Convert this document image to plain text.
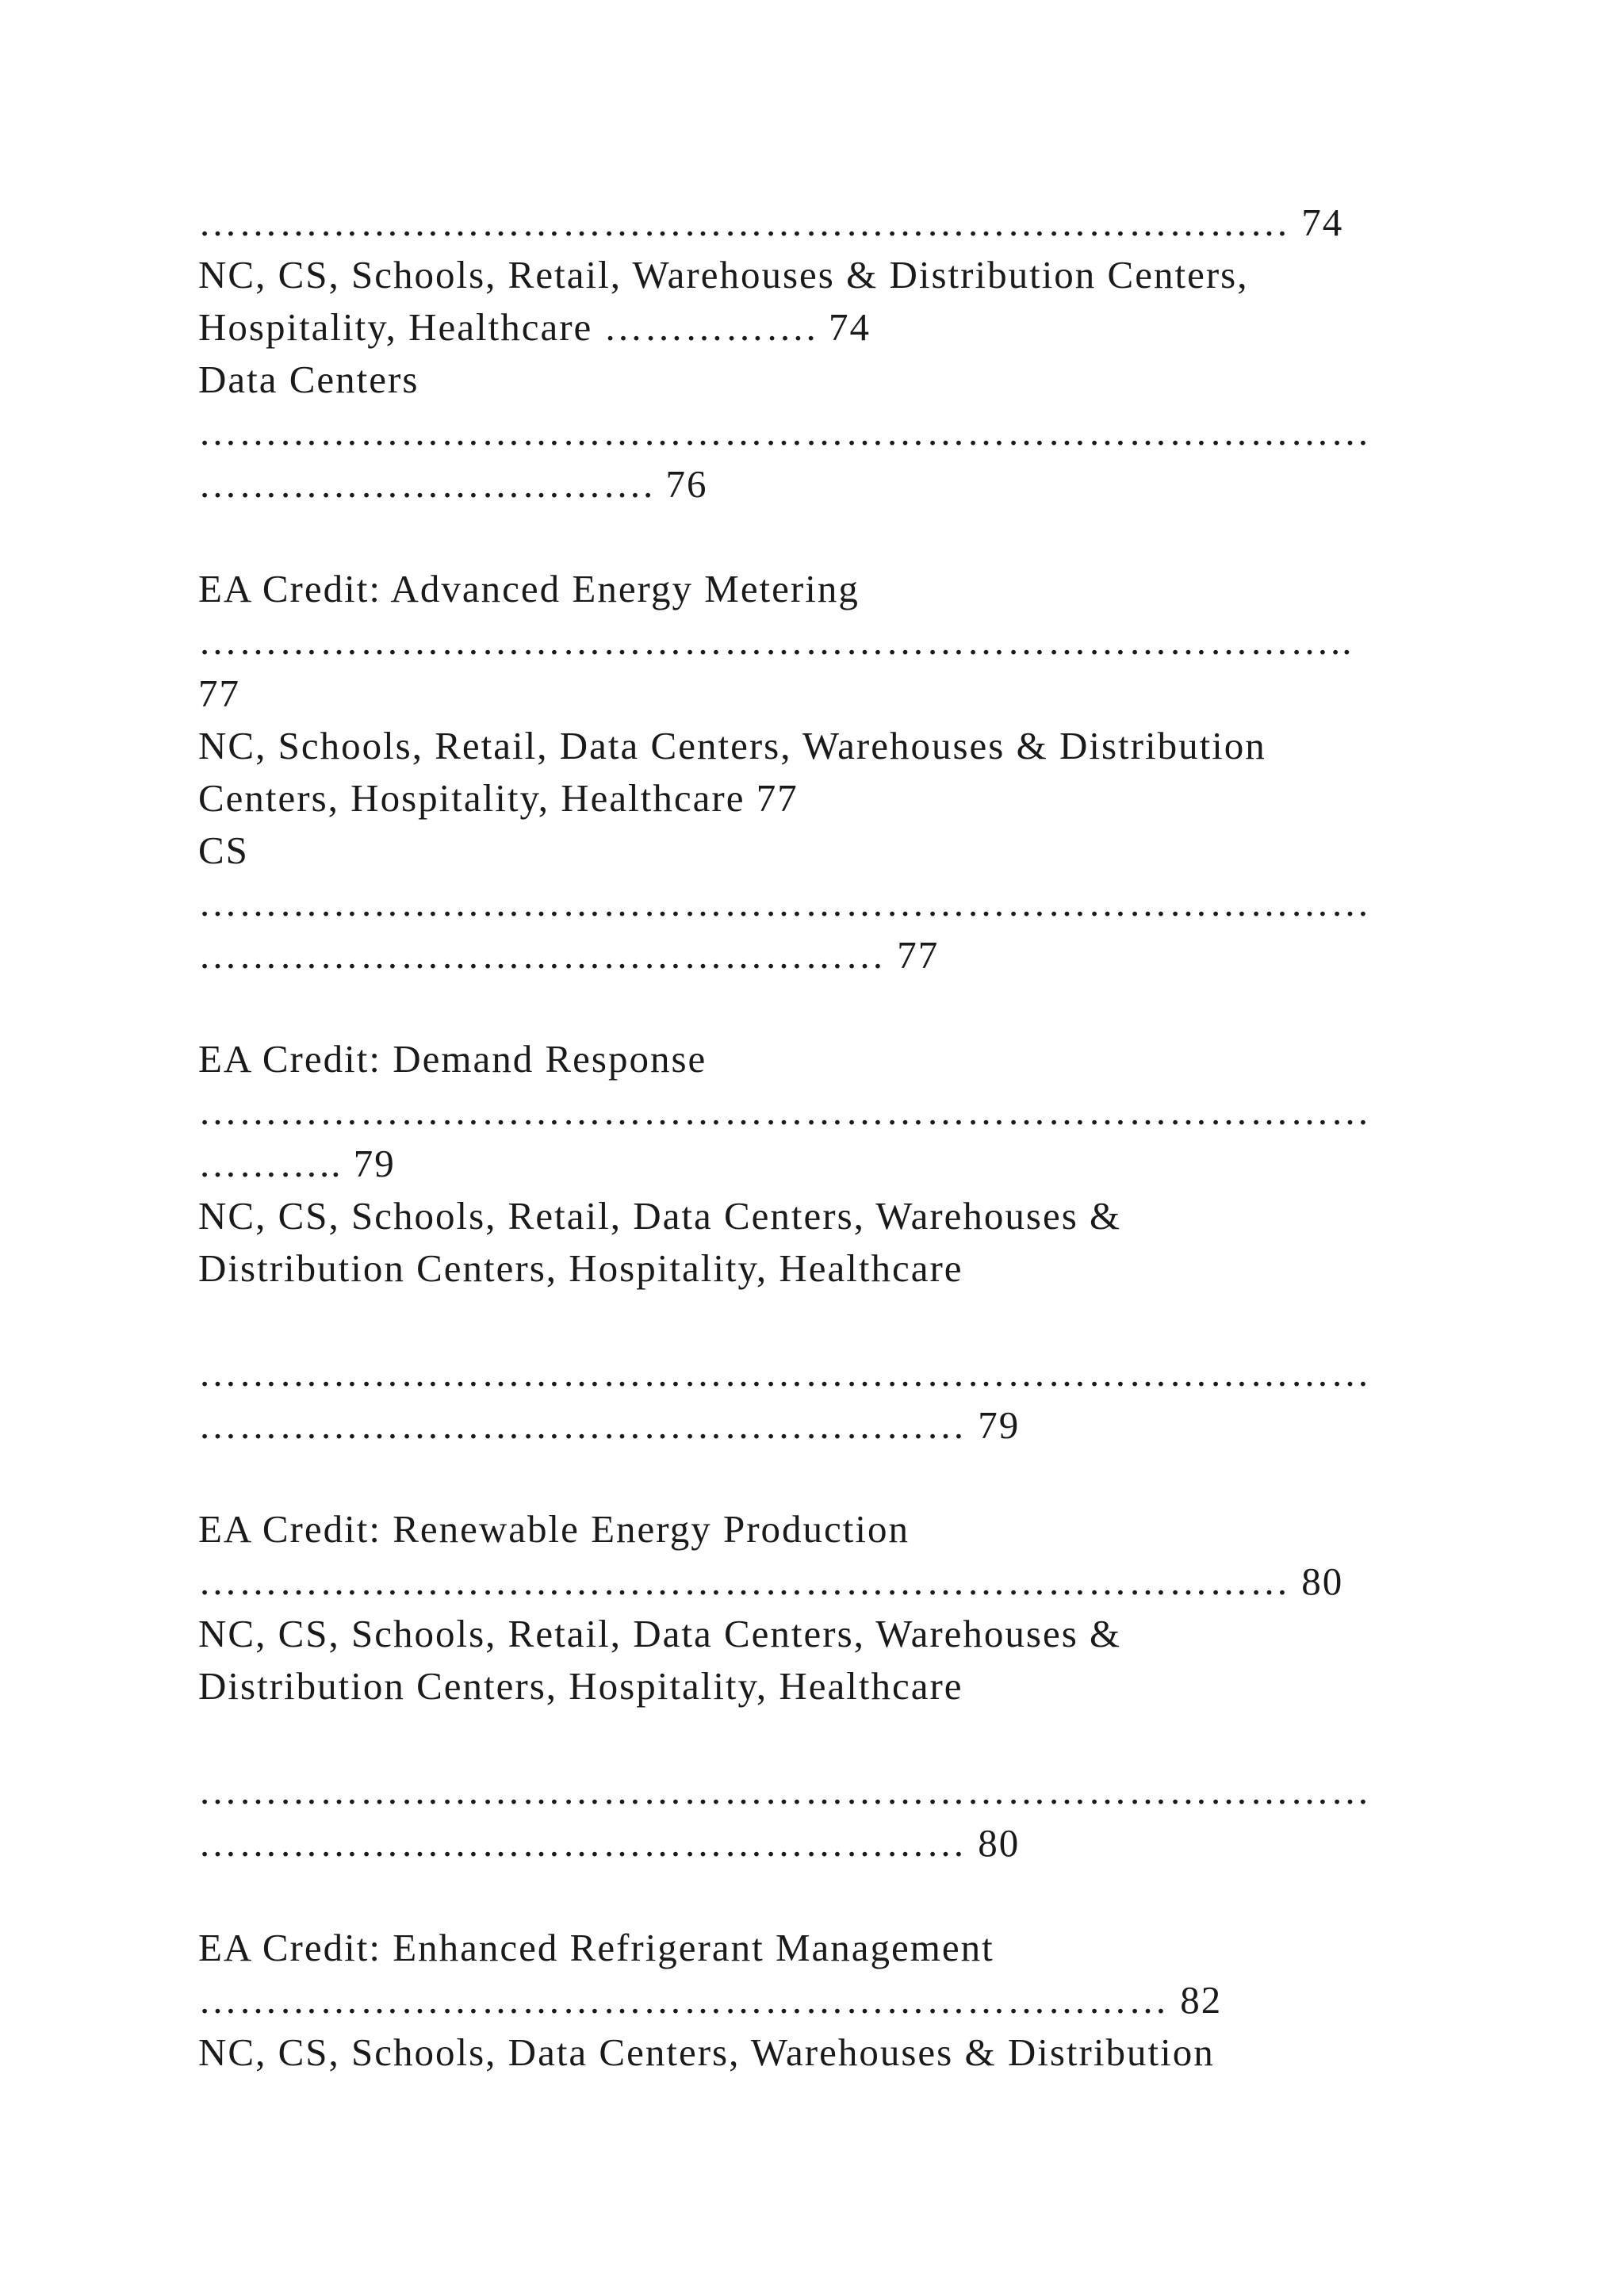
……………………………………………………………………… 74

NC, CS, Schools, Retail, Warehouses & Distribution Centers,

Hospitality, Healthcare ……………. 74

Data Centers

……………………………………………………………………………

……………………………. 76

EA Credit: Advanced Energy Metering

…………………………………………………………………………..

77

NC, Schools, Retail, Data Centers, Warehouses & Distribution

Centers, Hospitality, Healthcare 77

CS

……………………………………………………………………………

…………………………………………… 77

EA Credit: Demand Response

……………………………………………………………………………

……….. 79

NC, CS, Schools, Retail, Data Centers, Warehouses &

Distribution Centers, Hospitality, Healthcare

……………………………………………………………………………

………………………………………………… 79

EA Credit: Renewable Energy Production

……………………………………………………………………… 80

NC, CS, Schools, Retail, Data Centers, Warehouses &

Distribution Centers, Hospitality, Healthcare

……………………………………………………………………………

………………………………………………… 80

EA Credit: Enhanced Refrigerant Management

……………………………………………………………… 82

NC, CS, Schools, Data Centers, Warehouses & Distribution
